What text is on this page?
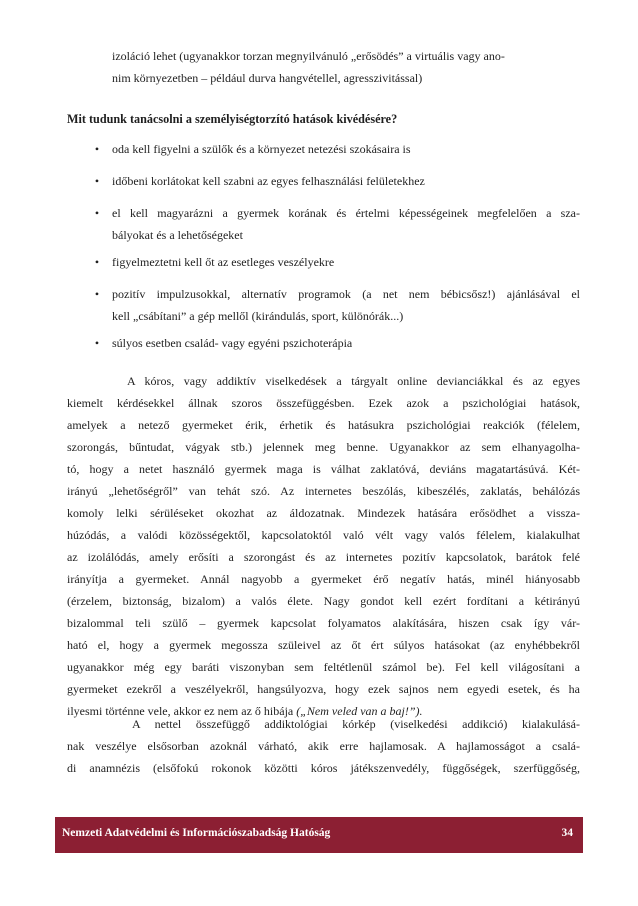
izoláció lehet (ugyanakkor torzan megnyilvánuló „erősödés” a virtuális vagy ano-
nim környezetben – például durva hangvétellel, agresszivitással)
Mit tudunk tanácsolni a személyiségtorzító hatások kivédésére?
•	oda kell figyelni a szülők és a környezet netezési szokásaira is
•	időbeni korlátokat kell szabni az egyes felhasználási felületekhez
•	el kell magyarázni a gyermek korának és értelmi képességeinek megfelelően a sza-
bályokat és a lehetőségeket
•	figyelmeztetni kell őt az esetleges veszélyekre
•	pozitív impulzusokkal, alternatív programok (a net nem bébicsősz!) ajánlásával el
kell „csábítani” a gép mellől (kirándulás, sport, különórák...)
•	súlyos esetben család- vagy egyéni pszichoterápia
A kóros, vagy addiktív viselkedések a tárgyalt online devianciákkal és az egyes
kiemelt kérdésekkel állnak szoros összefüggésben. Ezek azok a pszichológiai hatások,
amelyek a netező gyermeket érik, érhetik és hatásukra pszichológiai reakciók (félelem,
szorongás, bűntudat, vágyak stb.) jelennek meg benne. Ugyanakkor az sem elhanyagolha-
tó, hogy a netet használó gyermek maga is válhat zaklatóvá, deviáns magatartásúvá. Két-
irányú „lehetőségről” van tehát szó. Az internetes beszólás, kibeszélés, zaklatás, behálózás
komoly lelki sérüléseket okozhat az áldozatnak. Mindezek hatására erősödhet a vissza-
húzódás, a valódi közösségektől, kapcsolatoktól való vélt vagy valós félelem, kialakulhat
az izolálódás, amely erősíti a szorongást és az internetes pozitív kapcsolatok, barátok felé
irányítja a gyermeket. Annál nagyobb a gyermeket érő negatív hatás, minél hiányosabb
(érzelem, biztonság, bizalom) a valós élete. Nagy gondot kell ezért fordítani a kétirányú
bizalommal teli szülő – gyermek kapcsolat folyamatos alakítására, hiszen csak így vár-
ható el, hogy a gyermek megossza szüleivel az őt ért súlyos hatásokat (az enyhébbekről
ugyanakkor még egy baráti viszonyban sem feltétlenül számol be). Fel kell világosítani a
gyermeket ezekről a veszélyekről, hangsúlyozva, hogy ezek sajnos nem egyedi esetek, és ha
ilyesmi történne vele, akkor ez nem az ő hibája („Nem veled van a baj!”).
A nettel összefüggő addiktológiai kórkép (viselkedési addikció) kialakulásá-
nak veszélye elsősorban azoknál várható, akik erre hajlamosak. A hajlamosságot a csalá-
di anamnézis (elsőfokú rokonok közötti kóros játékszenvedély, függőségek, szerfüggőség,
Nemzeti Adatvédelmi és Információszabadság Hatóság	34
